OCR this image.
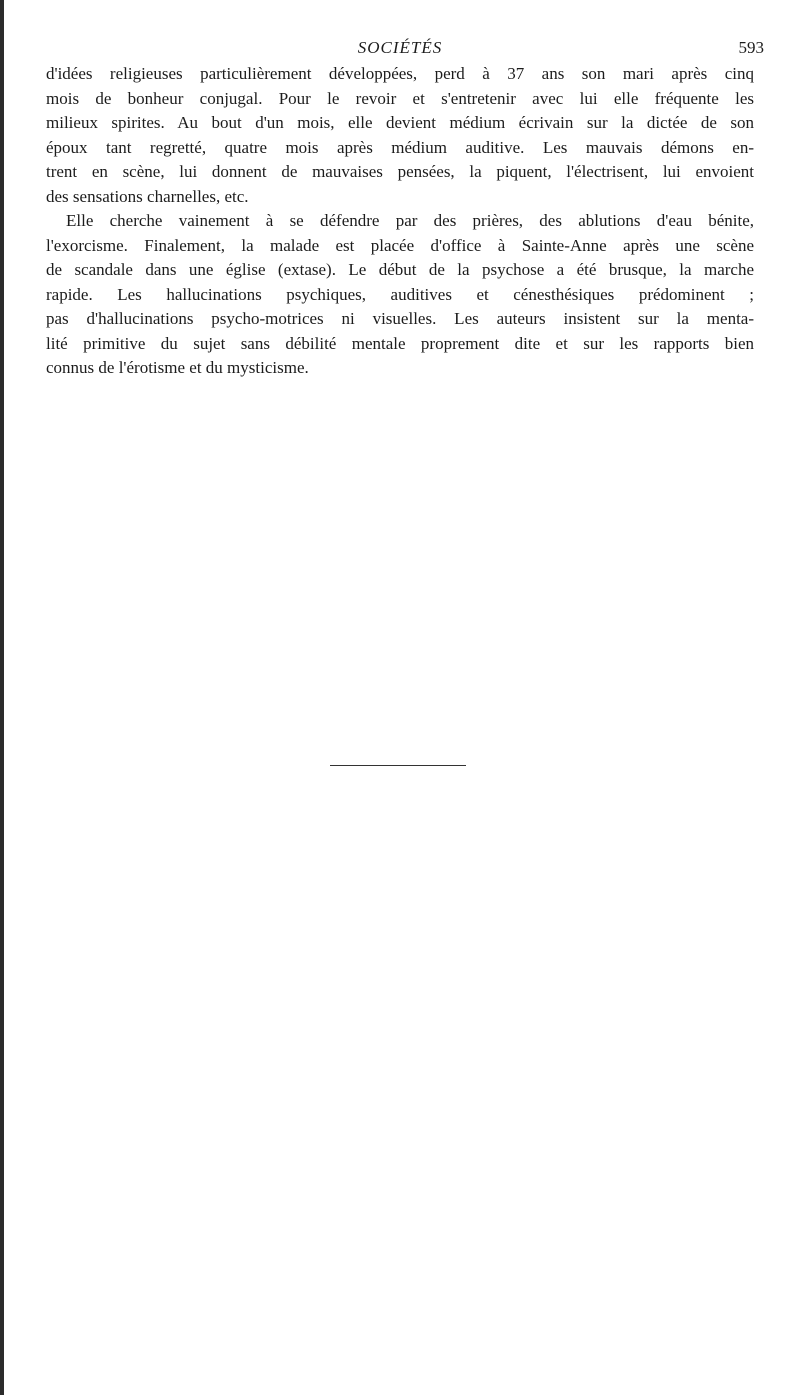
SOCIÉTÉS	593

d'idées religieuses particulièrement développées, perd à 37 ans son mari après cinq
mois de bonheur conjugal. Pour le revoir et s'entretenir avec lui elle fréquente les
milieux spirites. Au bout d'un mois, elle devient médium écrivain sur la dictée de son
époux tant regretté, quatre mois après médium auditive. Les mauvais démons en-
trent en scène, lui donnent de mauvaises pensées, la piquent, l'électrisent, lui envoient
des sensations charnelles, etc.

Elle cherche vainement à se défendre par des prières, des ablutions d'eau bénite,
l'exorcisme. Finalement, la malade est placée d'office à Sainte-Anne après une scène
de scandale dans une église (extase). Le début de la psychose a été brusque, la marche
rapide. Les hallucinations psychiques, auditives et cénesthésiques prédominent ;
pas d'hallucinations psycho-motrices ni visuelles. Les auteurs insistent sur la menta-
lité primitive du sujet sans débilité mentale proprement dite et sur les rapports bien
connus de l'érotisme et du mysticisme.
